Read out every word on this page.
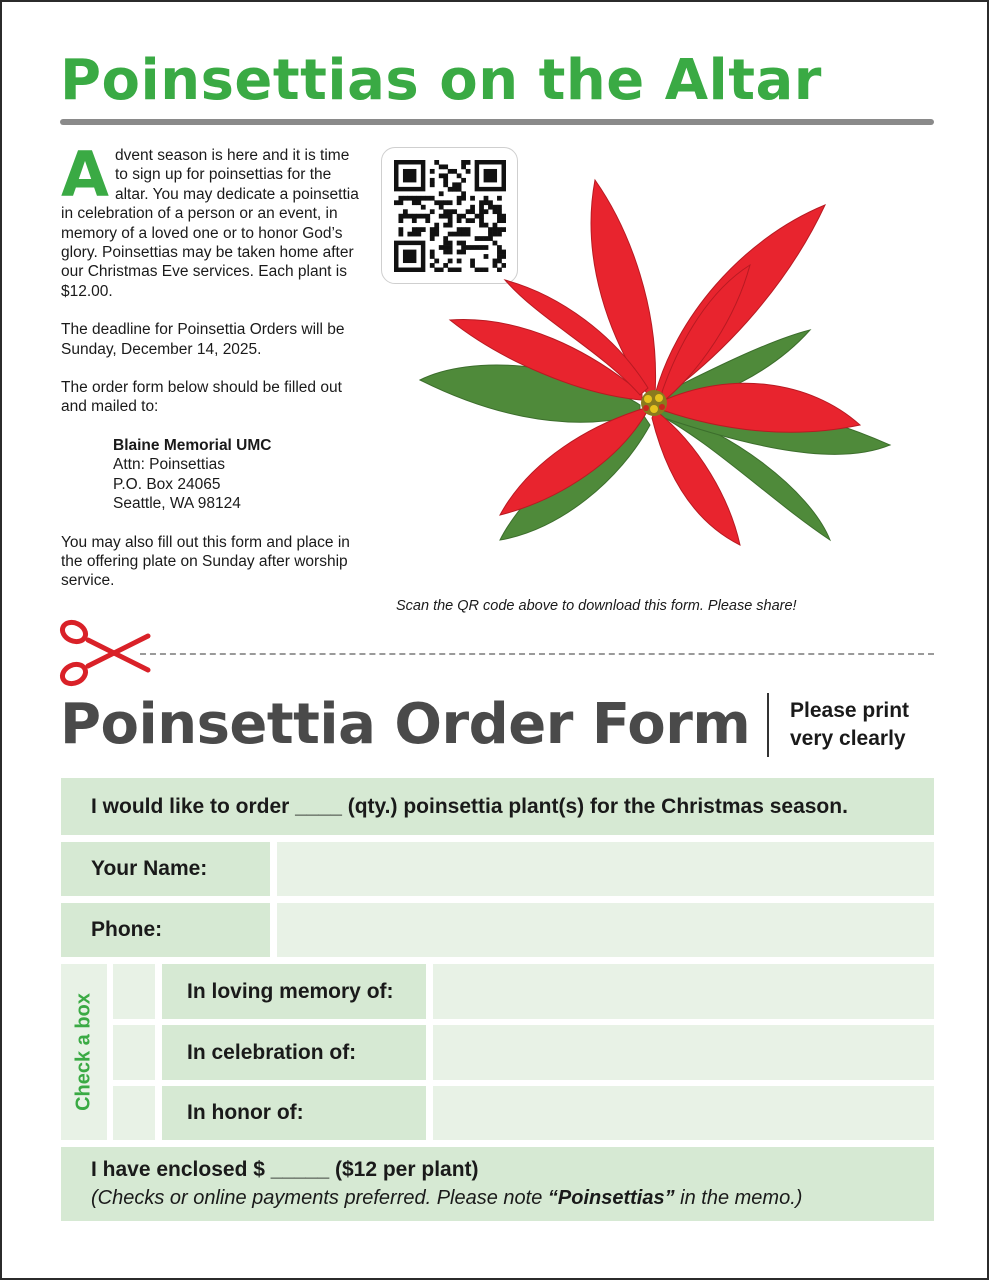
Poinsettias on the Altar

Advent season is here and it is time to sign up for poinsettias for the altar. You may dedicate a poinsettia in celebration of a person or an event, in memory of a loved one or to honor God’s glory. Poinsettias may be taken home after our Christmas Eve services. Each plant is $12.00.

The deadline for Poinsettia Orders will be Sunday, December 14, 2025.

The order form below should be filled out and mailed to:

Blaine Memorial UMC
Attn: Poinsettias
P.O. Box 24065
Seattle, WA 98124

You may also fill out this form and place in the offering plate on Sunday after worship service.

Scan the QR code above to download this form. Please share!
Poinsettia Order Form Please print
very clearly
I would like to order ____ (qty.) poinsettia plant(s) for the Christmas season.
Your Name:
Phone:
Check a box
In loving memory of:
In celebration of:
In honor of:
I have enclosed $ _____ ($12 per plant)
(Checks or online payments preferred. Please note “Poinsettias” in the memo.)
